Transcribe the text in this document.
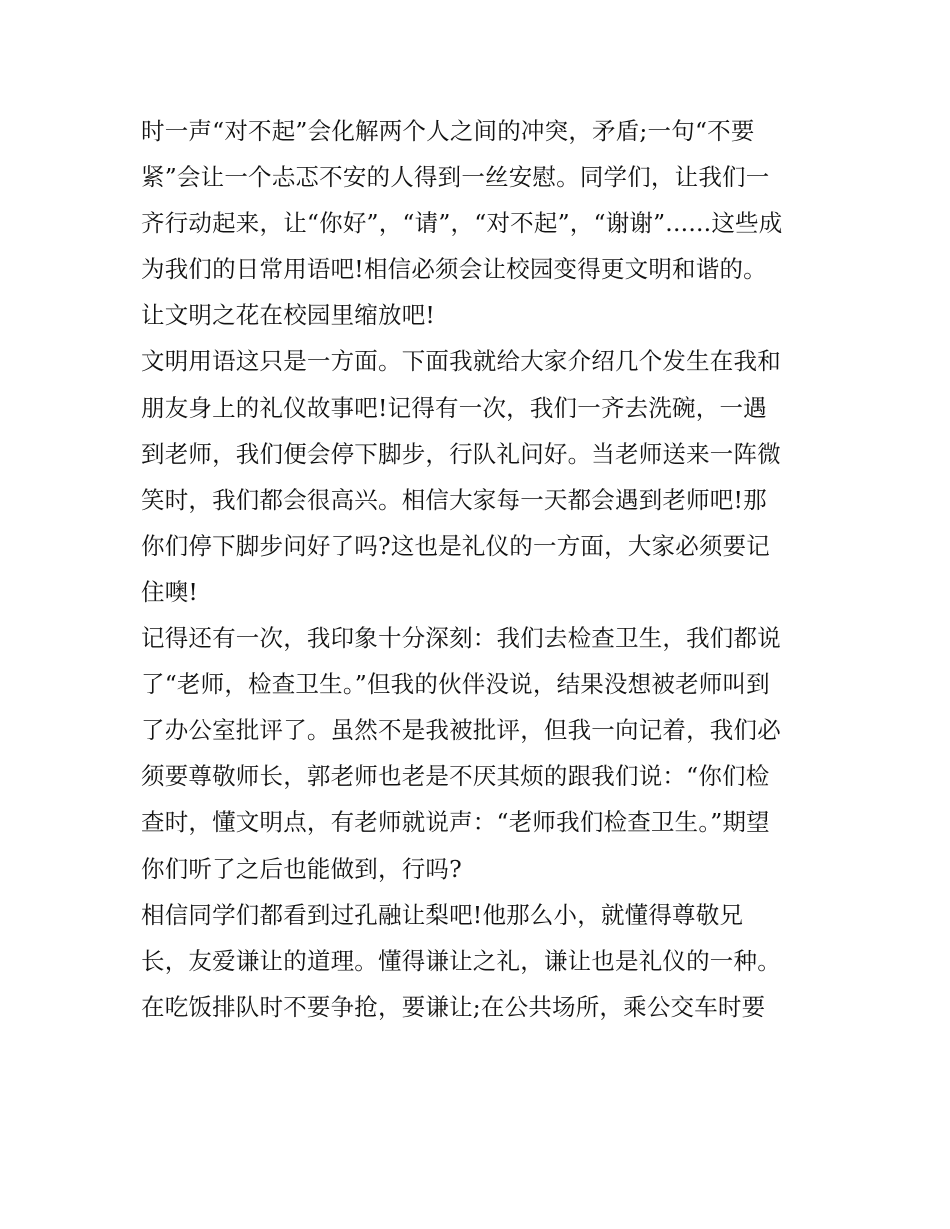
时一声“对不起”会化解两个人之间的冲突，矛盾;一句“不要
紧”会让一个忐忑不安的人得到一丝安慰。同学们，让我们一
齐行动起来，让“你好”，“请”，“对不起”，“谢谢”......这些成
为我们的日常用语吧!相信必须会让校园变得更文明和谐的。
让文明之花在校园里缩放吧!
文明用语这只是一方面。下面我就给大家介绍几个发生在我和
朋友身上的礼仪故事吧!记得有一次，我们一齐去洗碗，一遇
到老师，我们便会停下脚步，行队礼问好。当老师送来一阵微
笑时，我们都会很高兴。相信大家每一天都会遇到老师吧!那
你们停下脚步问好了吗?这也是礼仪的一方面，大家必须要记
住噢!
记得还有一次，我印象十分深刻：我们去检查卫生，我们都说
了“老师，检查卫生。”但我的伙伴没说，结果没想被老师叫到
了办公室批评了。虽然不是我被批评，但我一向记着，我们必
须要尊敬师长，郭老师也老是不厌其烦的跟我们说：“你们检
查时，懂文明点，有老师就说声：“老师我们检查卫生。”期望
你们听了之后也能做到，行吗?
相信同学们都看到过孔融让梨吧!他那么小，就懂得尊敬兄
长，友爱谦让的道理。懂得谦让之礼，谦让也是礼仪的一种。
在吃饭排队时不要争抢，要谦让;在公共场所，乘公交车时要
